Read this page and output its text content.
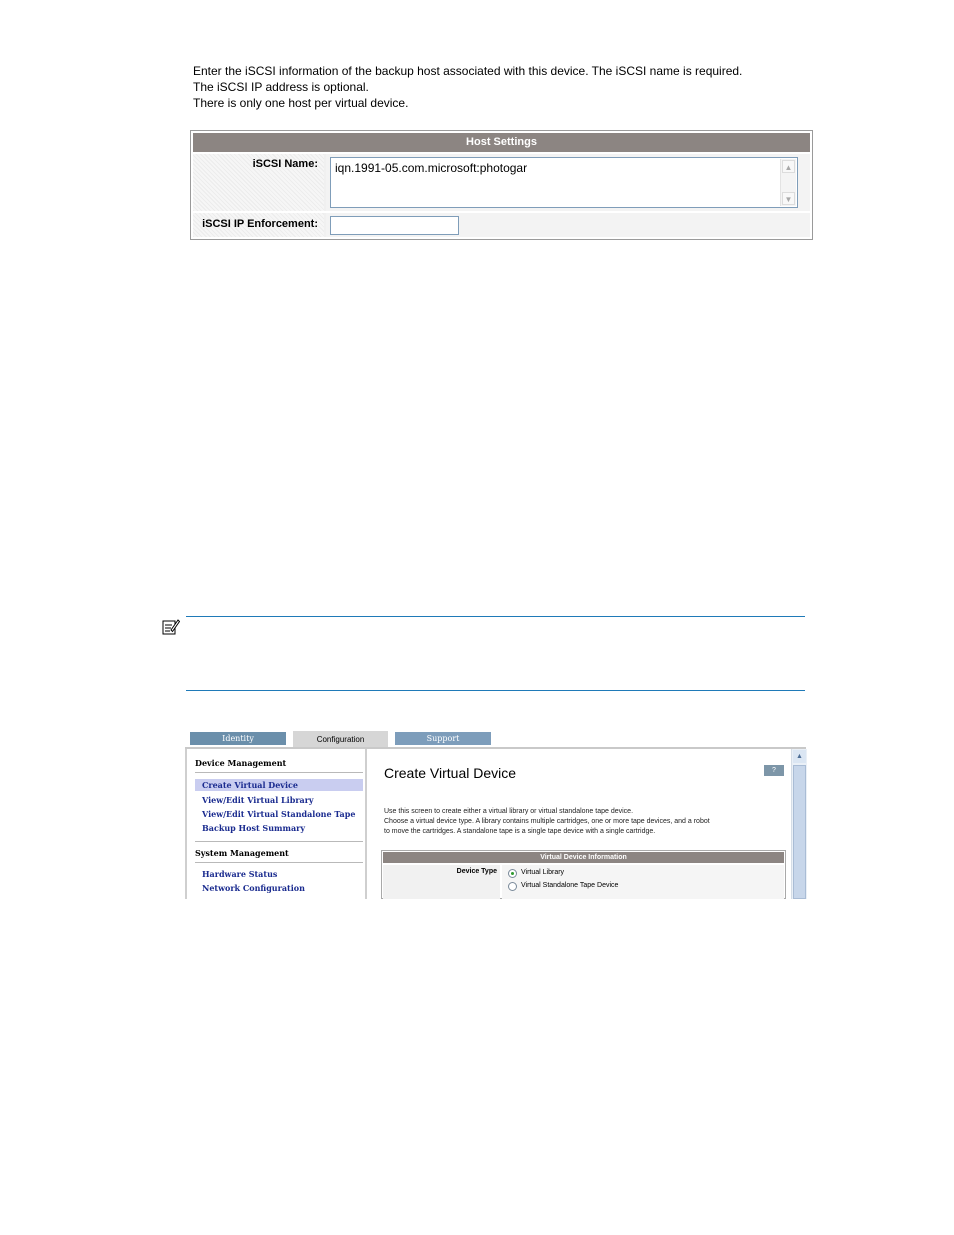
Enter the iSCSI information of the backup host associated with this device. The iSCSI name is required.
The iSCSI IP address is optional.
There is only one host per virtual device.
Host Settings
iSCSI Name:	iqn.1991-05.com.microsoft:photogar	▲
▼
iSCSI IP Enforcement:
Identity	Configuration	Support
Device Management
Create Virtual Device
View/Edit Virtual Library
View/Edit Virtual Standalone Tape
Backup Host Summary
System Management
Hardware Status
Network Configuration
Create Virtual Device	?
Use this screen to create either a virtual library or virtual standalone tape device.
Choose a virtual device type. A library contains multiple cartridges, one or more tape devices, and a robot
to move the cartridges. A standalone tape is a single tape device with a single cartridge.
Virtual Device Information
Device Type	Virtual Library
Virtual Standalone Tape Device
▲
